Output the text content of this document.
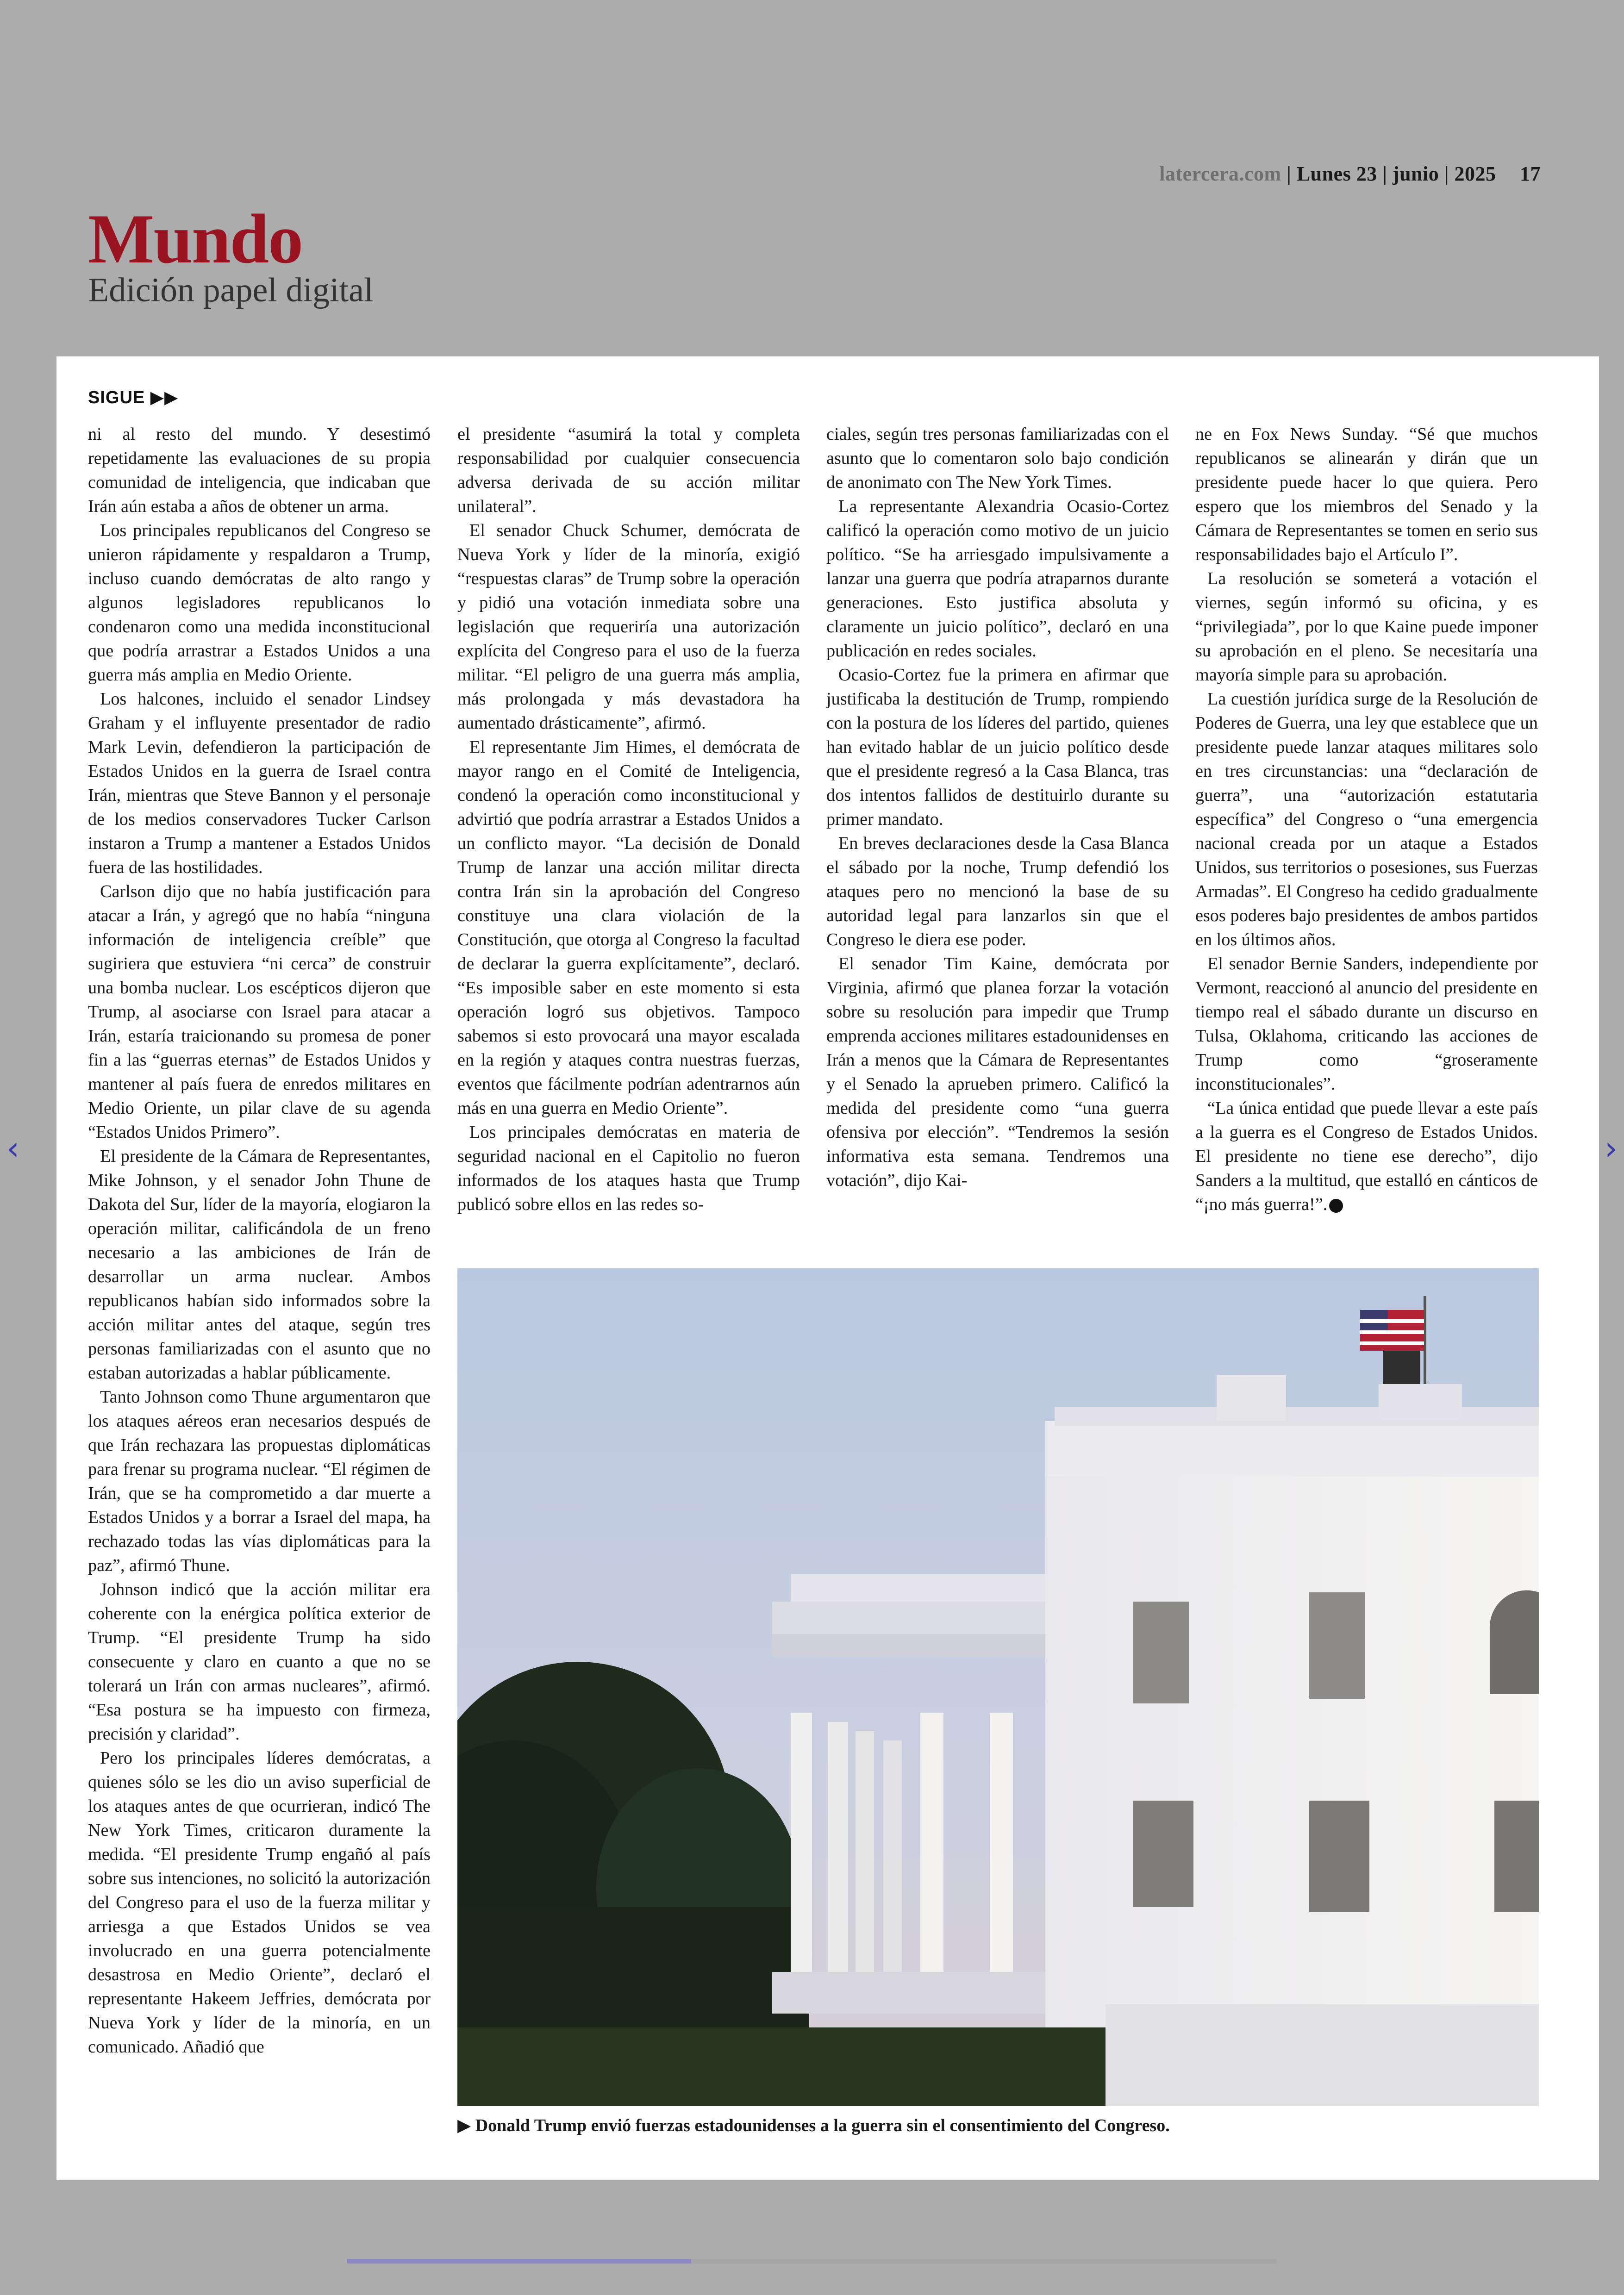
latercera.com | Lunes 23 | junio | 2025 17
Mundo
Edición papel digital
SIGUE ▶▶

ni al resto del mundo. Y desestimó repetidamente las evaluaciones de su propia comunidad de inteligencia, que indicaban que Irán aún estaba a años de obtener un arma.

Los principales republicanos del Congreso se unieron rápidamente y respaldaron a Trump, incluso cuando demócratas de alto rango y algunos legisladores republicanos lo condenaron como una medida inconstitucional que podría arrastrar a Estados Unidos a una guerra más amplia en Medio Oriente.

Los halcones, incluido el senador Lindsey Graham y el influyente presentador de radio Mark Levin, defendieron la participación de Estados Unidos en la guerra de Israel contra Irán, mientras que Steve Bannon y el personaje de los medios conservadores Tucker Carlson instaron a Trump a mantener a Estados Unidos fuera de las hostilidades.

Carlson dijo que no había justificación para atacar a Irán, y agregó que no había “ninguna información de inteligencia creíble” que sugiriera que estuviera “ni cerca” de construir una bomba nuclear. Los escépticos dijeron que Trump, al asociarse con Israel para atacar a Irán, estaría traicionando su promesa de poner fin a las “guerras eternas” de Estados Unidos y mantener al país fuera de enredos militares en Medio Oriente, un pilar clave de su agenda “Estados Unidos Primero”.

El presidente de la Cámara de Representantes, Mike Johnson, y el senador John Thune de Dakota del Sur, líder de la mayoría, elogiaron la operación militar, calificándola de un freno necesario a las ambiciones de Irán de desarrollar un arma nuclear. Ambos republicanos habían sido informados sobre la acción militar antes del ataque, según tres personas familiarizadas con el asunto que no estaban autorizadas a hablar públicamente.

Tanto Johnson como Thune argumentaron que los ataques aéreos eran necesarios después de que Irán rechazara las propuestas diplomáticas para frenar su programa nuclear. “El régimen de Irán, que se ha comprometido a dar muerte a Estados Unidos y a borrar a Israel del mapa, ha rechazado todas las vías diplomáticas para la paz”, afirmó Thune.

Johnson indicó que la acción militar era coherente con la enérgica política exterior de Trump. “El presidente Trump ha sido consecuente y claro en cuanto a que no se tolerará un Irán con armas nucleares”, afirmó. “Esa postura se ha impuesto con firmeza, precisión y claridad”.

Pero los principales líderes demócratas, a quienes sólo se les dio un aviso superficial de los ataques antes de que ocurrieran, indicó The New York Times, criticaron duramente la medida. “El presidente Trump engañó al país sobre sus intenciones, no solicitó la autorización del Congreso para el uso de la fuerza militar y arriesga a que Estados Unidos se vea involucrado en una guerra potencialmente desastrosa en Medio Oriente”, declaró el representante Hakeem Jeffries, demócrata por Nueva York y líder de la minoría, en un comunicado. Añadió que

el presidente “asumirá la total y completa responsabilidad por cualquier consecuencia adversa derivada de su acción militar unilateral”.

El senador Chuck Schumer, demócrata de Nueva York y líder de la minoría, exigió “respuestas claras” de Trump sobre la operación y pidió una votación inmediata sobre una legislación que requeriría una autorización explícita del Congreso para el uso de la fuerza militar. “El peligro de una guerra más amplia, más prolongada y más devastadora ha aumentado drásticamente”, afirmó.

El representante Jim Himes, el demócrata de mayor rango en el Comité de Inteligencia, condenó la operación como inconstitucional y advirtió que podría arrastrar a Estados Unidos a un conflicto mayor. “La decisión de Donald Trump de lanzar una acción militar directa contra Irán sin la aprobación del Congreso constituye una clara violación de la Constitución, que otorga al Congreso la facultad de declarar la guerra explícitamente”, declaró. “Es imposible saber en este momento si esta operación logró sus objetivos. Tampoco sabemos si esto provocará una mayor escalada en la región y ataques contra nuestras fuerzas, eventos que fácilmente podrían adentrarnos aún más en una guerra en Medio Oriente”.

Los principales demócratas en materia de seguridad nacional en el Capitolio no fueron informados de los ataques hasta que Trump publicó sobre ellos en las redes so-

ciales, según tres personas familiarizadas con el asunto que lo comentaron solo bajo condición de anonimato con The New York Times.

La representante Alexandria Ocasio-Cortez calificó la operación como motivo de un juicio político. “Se ha arriesgado impulsivamente a lanzar una guerra que podría atraparnos durante generaciones. Esto justifica absoluta y claramente un juicio político”, declaró en una publicación en redes sociales.

Ocasio-Cortez fue la primera en afirmar que justificaba la destitución de Trump, rompiendo con la postura de los líderes del partido, quienes han evitado hablar de un juicio político desde que el presidente regresó a la Casa Blanca, tras dos intentos fallidos de destituirlo durante su primer mandato.

En breves declaraciones desde la Casa Blanca el sábado por la noche, Trump defendió los ataques pero no mencionó la base de su autoridad legal para lanzarlos sin que el Congreso le diera ese poder.

El senador Tim Kaine, demócrata por Virginia, afirmó que planea forzar la votación sobre su resolución para impedir que Trump emprenda acciones militares estadounidenses en Irán a menos que la Cámara de Representantes y el Senado la aprueben primero. Calificó la medida del presidente como “una guerra ofensiva por elección”. “Tendremos la sesión informativa esta semana. Tendremos una votación”, dijo Kai-

ne en Fox News Sunday. “Sé que muchos republicanos se alinearán y dirán que un presidente puede hacer lo que quiera. Pero espero que los miembros del Senado y la Cámara de Representantes se tomen en serio sus responsabilidades bajo el Artículo I”.

La resolución se someterá a votación el viernes, según informó su oficina, y es “privilegiada”, por lo que Kaine puede imponer su aprobación en el pleno. Se necesitaría una mayoría simple para su aprobación.

La cuestión jurídica surge de la Resolución de Poderes de Guerra, una ley que establece que un presidente puede lanzar ataques militares solo en tres circunstancias: una “declaración de guerra”, una “autorización estatutaria específica” del Congreso o “una emergencia nacional creada por un ataque a Estados Unidos, sus territorios o posesiones, sus Fuerzas Armadas”. El Congreso ha cedido gradualmente esos poderes bajo presidentes de ambos partidos en los últimos años.

El senador Bernie Sanders, independiente por Vermont, reaccionó al anuncio del presidente en tiempo real el sábado durante un discurso en Tulsa, Oklahoma, criticando las acciones de Trump como “groseramente inconstitucionales”.

“La única entidad que puede llevar a este país a la guerra es el Congreso de Estados Unidos. El presidente no tiene ese derecho”, dijo Sanders a la multitud, que estalló en cánticos de “¡no más guerra!”.

▶ Donald Trump envió fuerzas estadounidenses a la guerra sin el consentimiento del Congreso.
‹	›
